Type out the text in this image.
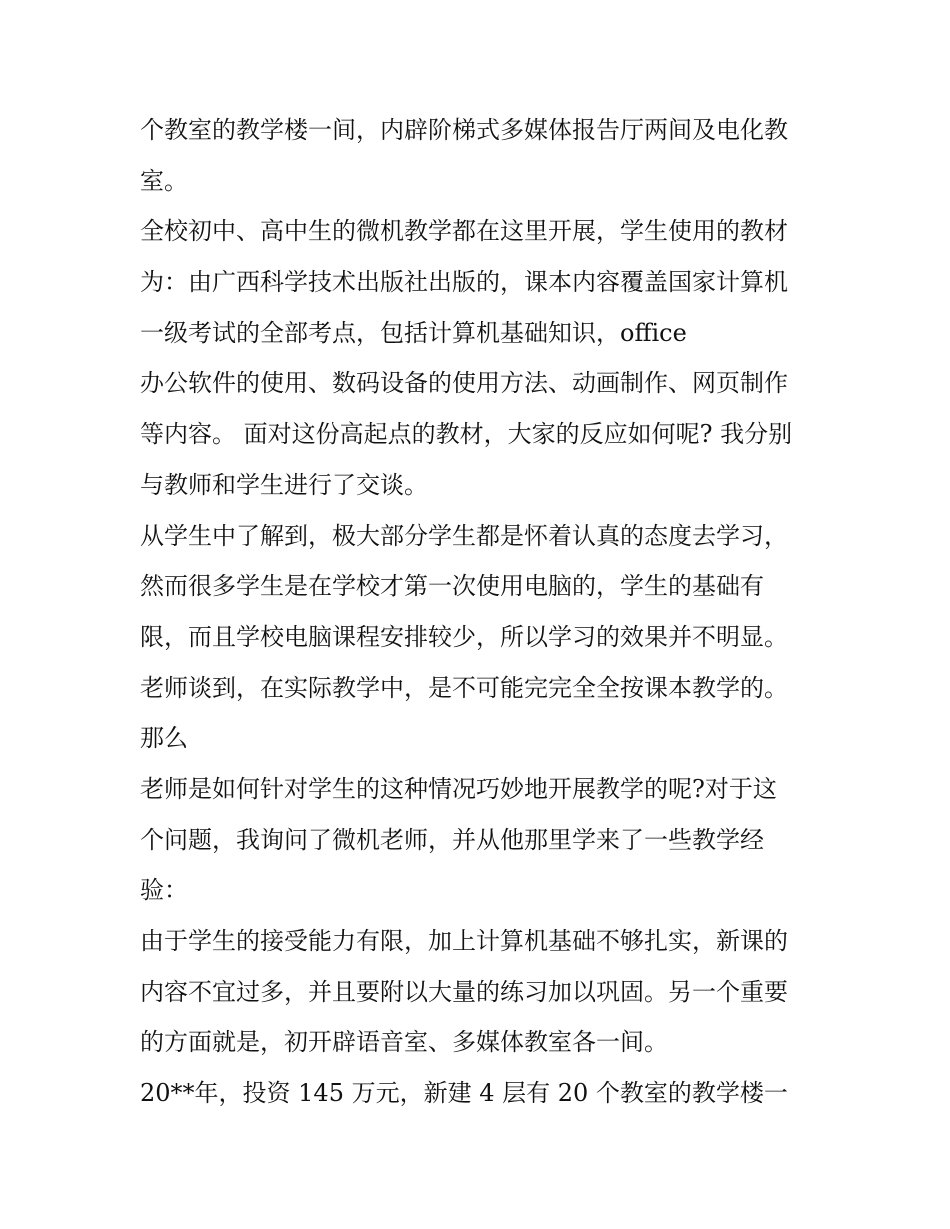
个教室的教学楼一间，内辟阶梯式多媒体报告厅两间及电化教
室。
全校初中、高中生的微机教学都在这里开展，学生使用的教材
为：由广西科学技术出版社出版的，课本内容覆盖国家计算机
一级考试的全部考点，包括计算机基础知识，office
办公软件的使用、数码设备的使用方法、动画制作、网页制作
等内容。 面对这份高起点的教材，大家的反应如何呢? 我分别
与教师和学生进行了交谈。
从学生中了解到，极大部分学生都是怀着认真的态度去学习，
然而很多学生是在学校才第一次使用电脑的，学生的基础有
限，而且学校电脑课程安排较少，所以学习的效果并不明显。
老师谈到，在实际教学中，是不可能完完全全按课本教学的。
那么
老师是如何针对学生的这种情况巧妙地开展教学的呢?对于这
个问题，我询问了微机老师，并从他那里学来了一些教学经
验：
由于学生的接受能力有限，加上计算机基础不够扎实，新课的
内容不宜过多，并且要附以大量的练习加以巩固。另一个重要
的方面就是，初开辟语音室、多媒体教室各一间。
20**年，投资 145 万元，新建 4 层有 20 个教室的教学楼一
